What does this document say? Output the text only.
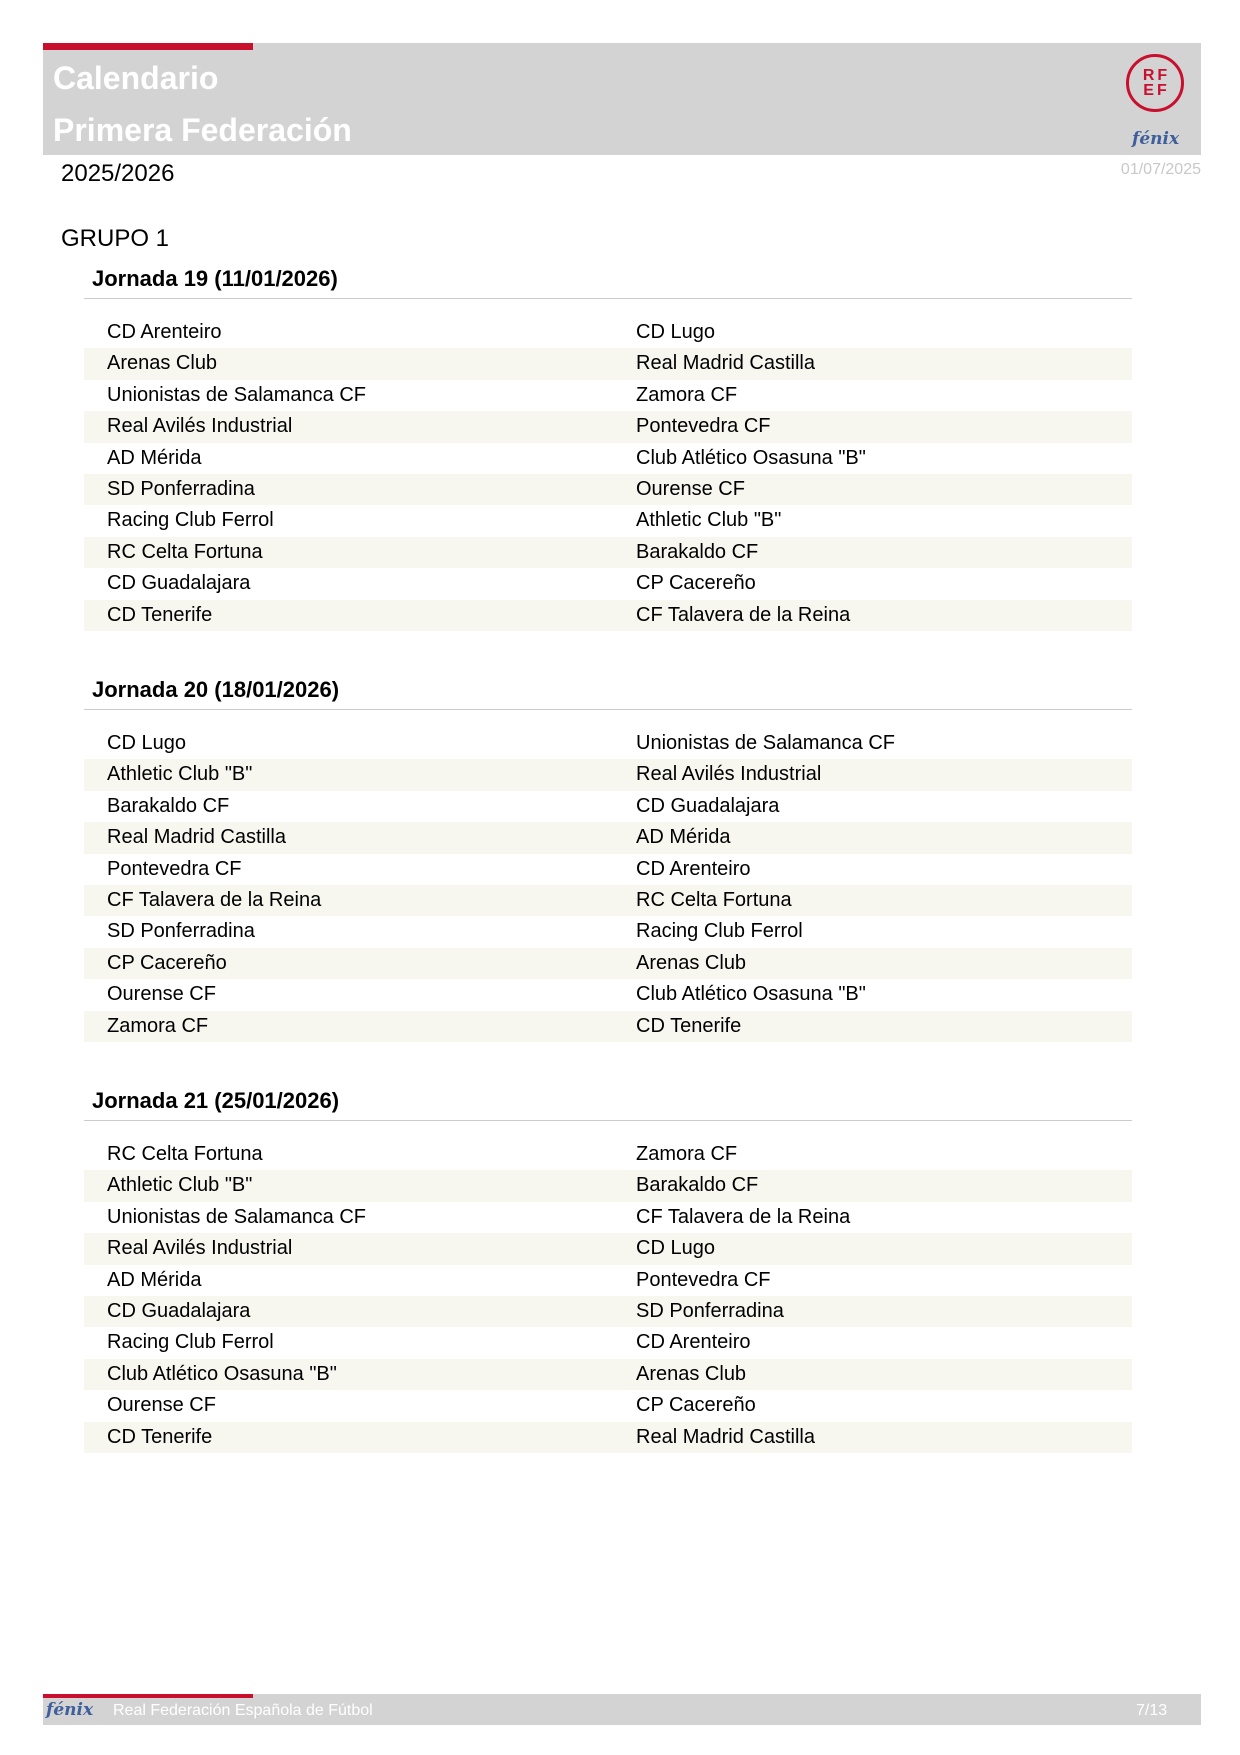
Calendario
Primera Federación
RF
EF
fénix
2025/2026	01/07/2025
GRUPO 1
Jornada 19 (11/01/2026)
CD Arenteiro	CD Lugo
Arenas Club	Real Madrid Castilla
Unionistas de Salamanca CF	Zamora CF
Real Avilés Industrial	Pontevedra CF
AD Mérida	Club Atlético Osasuna "B"
SD Ponferradina	Ourense CF
Racing Club Ferrol	Athletic Club "B"
RC Celta Fortuna	Barakaldo CF
CD Guadalajara	CP Cacereño
CD Tenerife	CF Talavera de la Reina
Jornada 20 (18/01/2026)
CD Lugo	Unionistas de Salamanca CF
Athletic Club "B"	Real Avilés Industrial
Barakaldo CF	CD Guadalajara
Real Madrid Castilla	AD Mérida
Pontevedra CF	CD Arenteiro
CF Talavera de la Reina	RC Celta Fortuna
SD Ponferradina	Racing Club Ferrol
CP Cacereño	Arenas Club
Ourense CF	Club Atlético Osasuna "B"
Zamora CF	CD Tenerife
Jornada 21 (25/01/2026)
RC Celta Fortuna	Zamora CF
Athletic Club "B"	Barakaldo CF
Unionistas de Salamanca CF	CF Talavera de la Reina
Real Avilés Industrial	CD Lugo
AD Mérida	Pontevedra CF
CD Guadalajara	SD Ponferradina
Racing Club Ferrol	CD Arenteiro
Club Atlético Osasuna "B"	Arenas Club
Ourense CF	CP Cacereño
CD Tenerife	Real Madrid Castilla
fénix Real Federación Española de Fútbol	7/13
